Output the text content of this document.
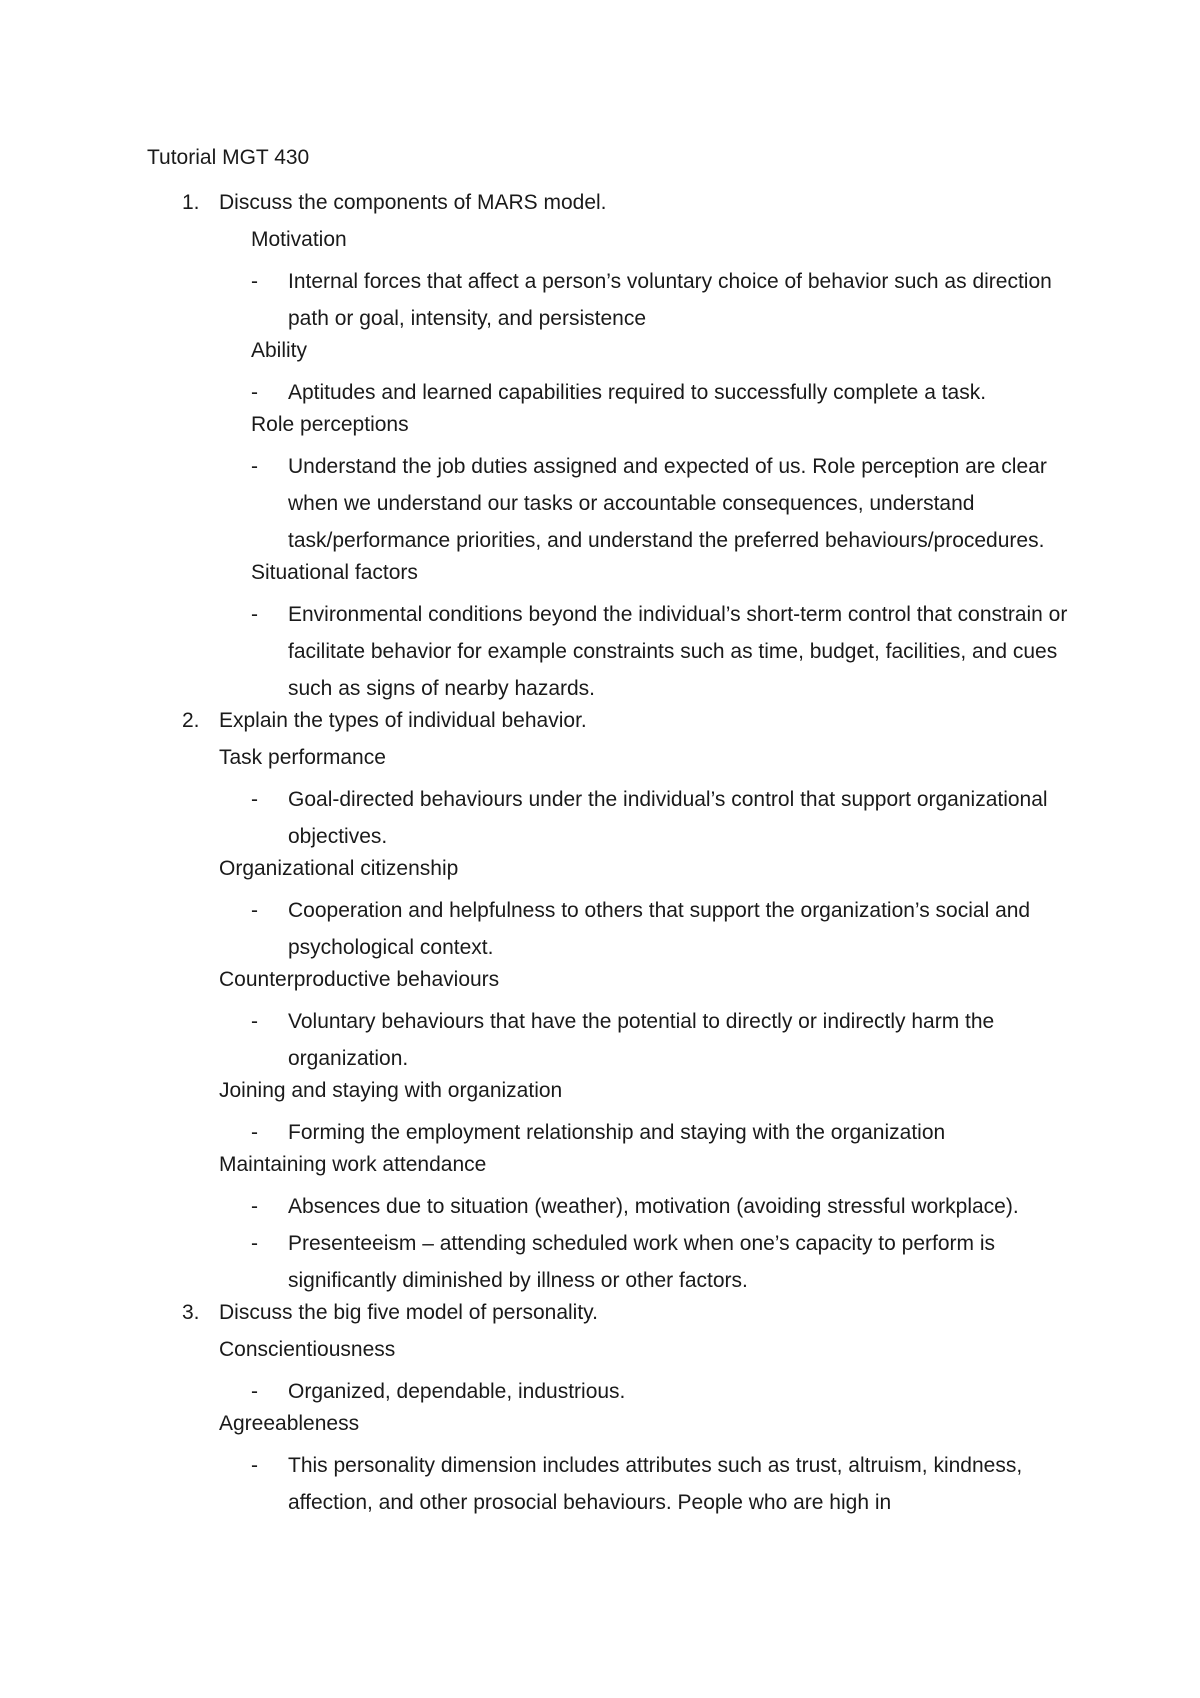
Tutorial MGT 430
1. Discuss the components of MARS model.
Motivation
- Internal forces that affect a person’s voluntary choice of behavior such as direction path or goal, intensity, and persistence
Ability
- Aptitudes and learned capabilities required to successfully complete a task.
Role perceptions
- Understand the job duties assigned and expected of us. Role perception are clear when we understand our tasks or accountable consequences, understand task/performance priorities, and understand the preferred behaviours/procedures.
Situational factors
- Environmental conditions beyond the individual’s short-term control that constrain or facilitate behavior for example constraints such as time, budget, facilities, and cues such as signs of nearby hazards.
2. Explain the types of individual behavior.
Task performance
- Goal-directed behaviours under the individual’s control that support organizational objectives.
Organizational citizenship
- Cooperation and helpfulness to others that support the organization’s social and psychological context.
Counterproductive behaviours
- Voluntary behaviours that have the potential to directly or indirectly harm the organization.
Joining and staying with organization
- Forming the employment relationship and staying with the organization
Maintaining work attendance
- Absences due to situation (weather), motivation (avoiding stressful workplace).
- Presenteeism – attending scheduled work when one’s capacity to perform is significantly diminished by illness or other factors.
3. Discuss the big five model of personality.
Conscientiousness
- Organized, dependable, industrious.
Agreeableness
- This personality dimension includes attributes such as trust, altruism, kindness, affection, and other prosocial behaviours. People who are high in
